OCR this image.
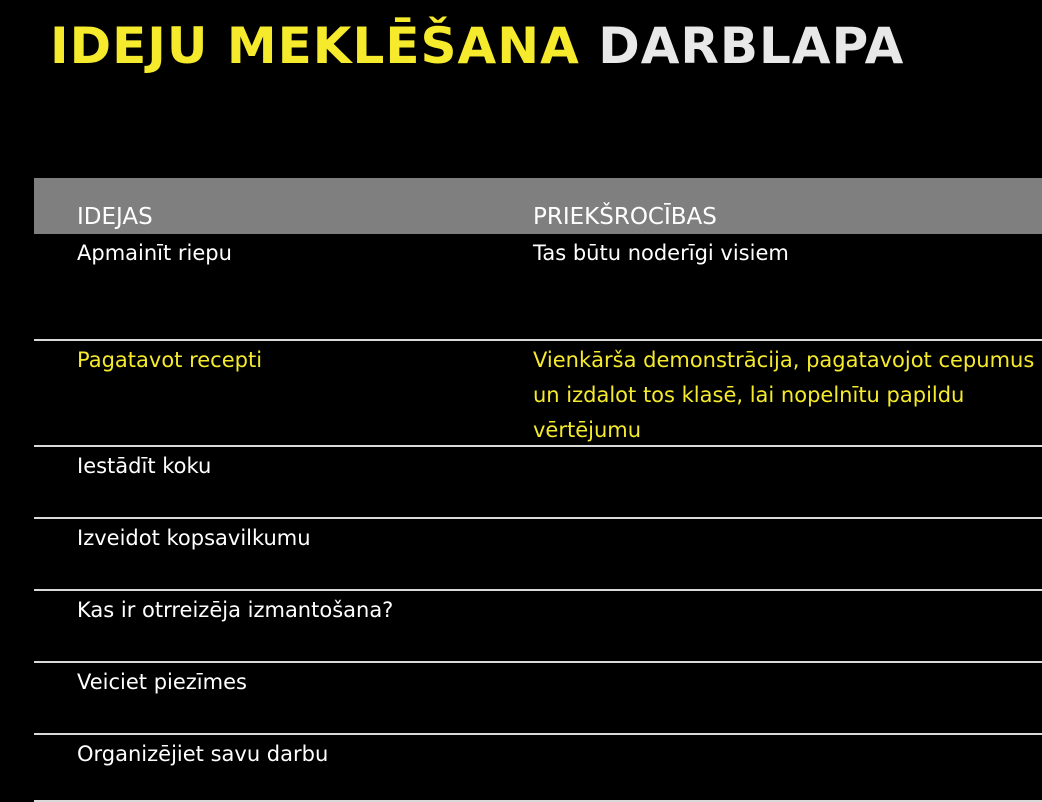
IDEJU MEKLĒŠANA DARBLAPA
IDEJAS	PRIEKŠROCĪBAS
Apmainīt riepu	Tas būtu noderīgi visiem
Pagatavot recepti	Vienkārša demonstrācija, pagatavojot cepumus un izdalot tos klasē, lai nopelnītu papildu vērtējumu
Iestādīt koku
Izveidot kopsavilkumu
Kas ir otrreizēja izmantošana?
Veiciet piezīmes
Organizējiet savu darbu
